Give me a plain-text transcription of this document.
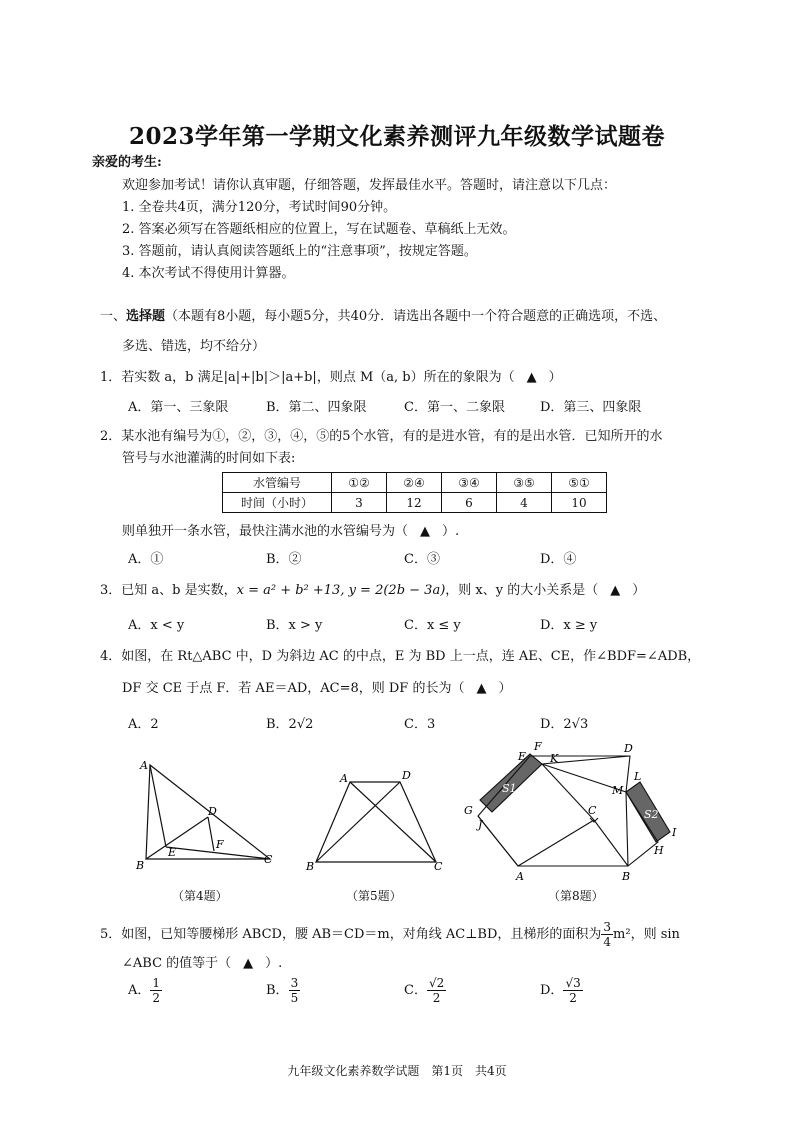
2023学年第一学期文化素养测评九年级数学试题卷
亲爱的考生:
欢迎参加考试！请你认真审题，仔细答题，发挥最佳水平。答题时，请注意以下几点：
1. 全卷共4页，满分120分，考试时间90分钟。
2. 答案必须写在答题纸相应的位置上，写在试题卷、草稿纸上无效。
3. 答题前，请认真阅读答题纸上的“注意事项”，按规定答题。
4. 本次考试不得使用计算器。
一、选择题（本题有8小题，每小题5分，共40分．请选出各题中一个符合题意的正确选项，不选、
多选、错选，均不给分）
1．若实数 a，b 满足|a|+|b|＞|a+b|，则点 M（a, b）所在的象限为（ ▲ ）
A．第一、三象限	B．第二、四象限	C．第一、二象限	D．第三、四象限
2．某水池有编号为①，②，③，④，⑤的5个水管，有的是进水管，有的是出水管．已知所开的水
管号与水池灌满的时间如下表:
水管编号	①②	②④	③④	③⑤	⑤①
时间（小时）	3	12	6	4	10
则单独开一条水管，最快注满水池的水管编号为（ ▲ ）.
A．①	B．②	C．③	D．④
3．已知 a、b 是实数，x = a² + b² +13, y = 2(2b − 3a)，则 x、y 的大小关系是（ ▲ ）
A．x < y	B．x > y	C．x ≤ y	D．x ≥ y
4．如图，在 Rt△ABC 中，D 为斜边 AC 的中点，E 为 BD 上一点，连 AE、CE，作∠BDF=∠ADB，
DF 交 CE 于点 F．若 AE＝AD，AC=8，则 DF 的长为（ ▲ ）
A．2	B．2√2	C．3	D．2√3
A
B	C
D
E
F
（第4题）
A
B	C
D
（第5题）
E
F
K
D
L
M
C
G
J
A	B
H
I
S1
S2
（第8题）
5．如图，已知等腰梯形 ABCD，腰 AB＝CD＝m，对角线 AC⊥BD，且梯形的面积为 $\frac{3}{4} m^2$，则 sin
∠ABC 的值等于（ ▲ ）.
A． $\frac{1}{2}$	B． $\frac{3}{5}$	C． $\frac{√2}{2}$	D． $\frac{√3}{2}$
九年级文化素养数学试题　第1页　共4页
